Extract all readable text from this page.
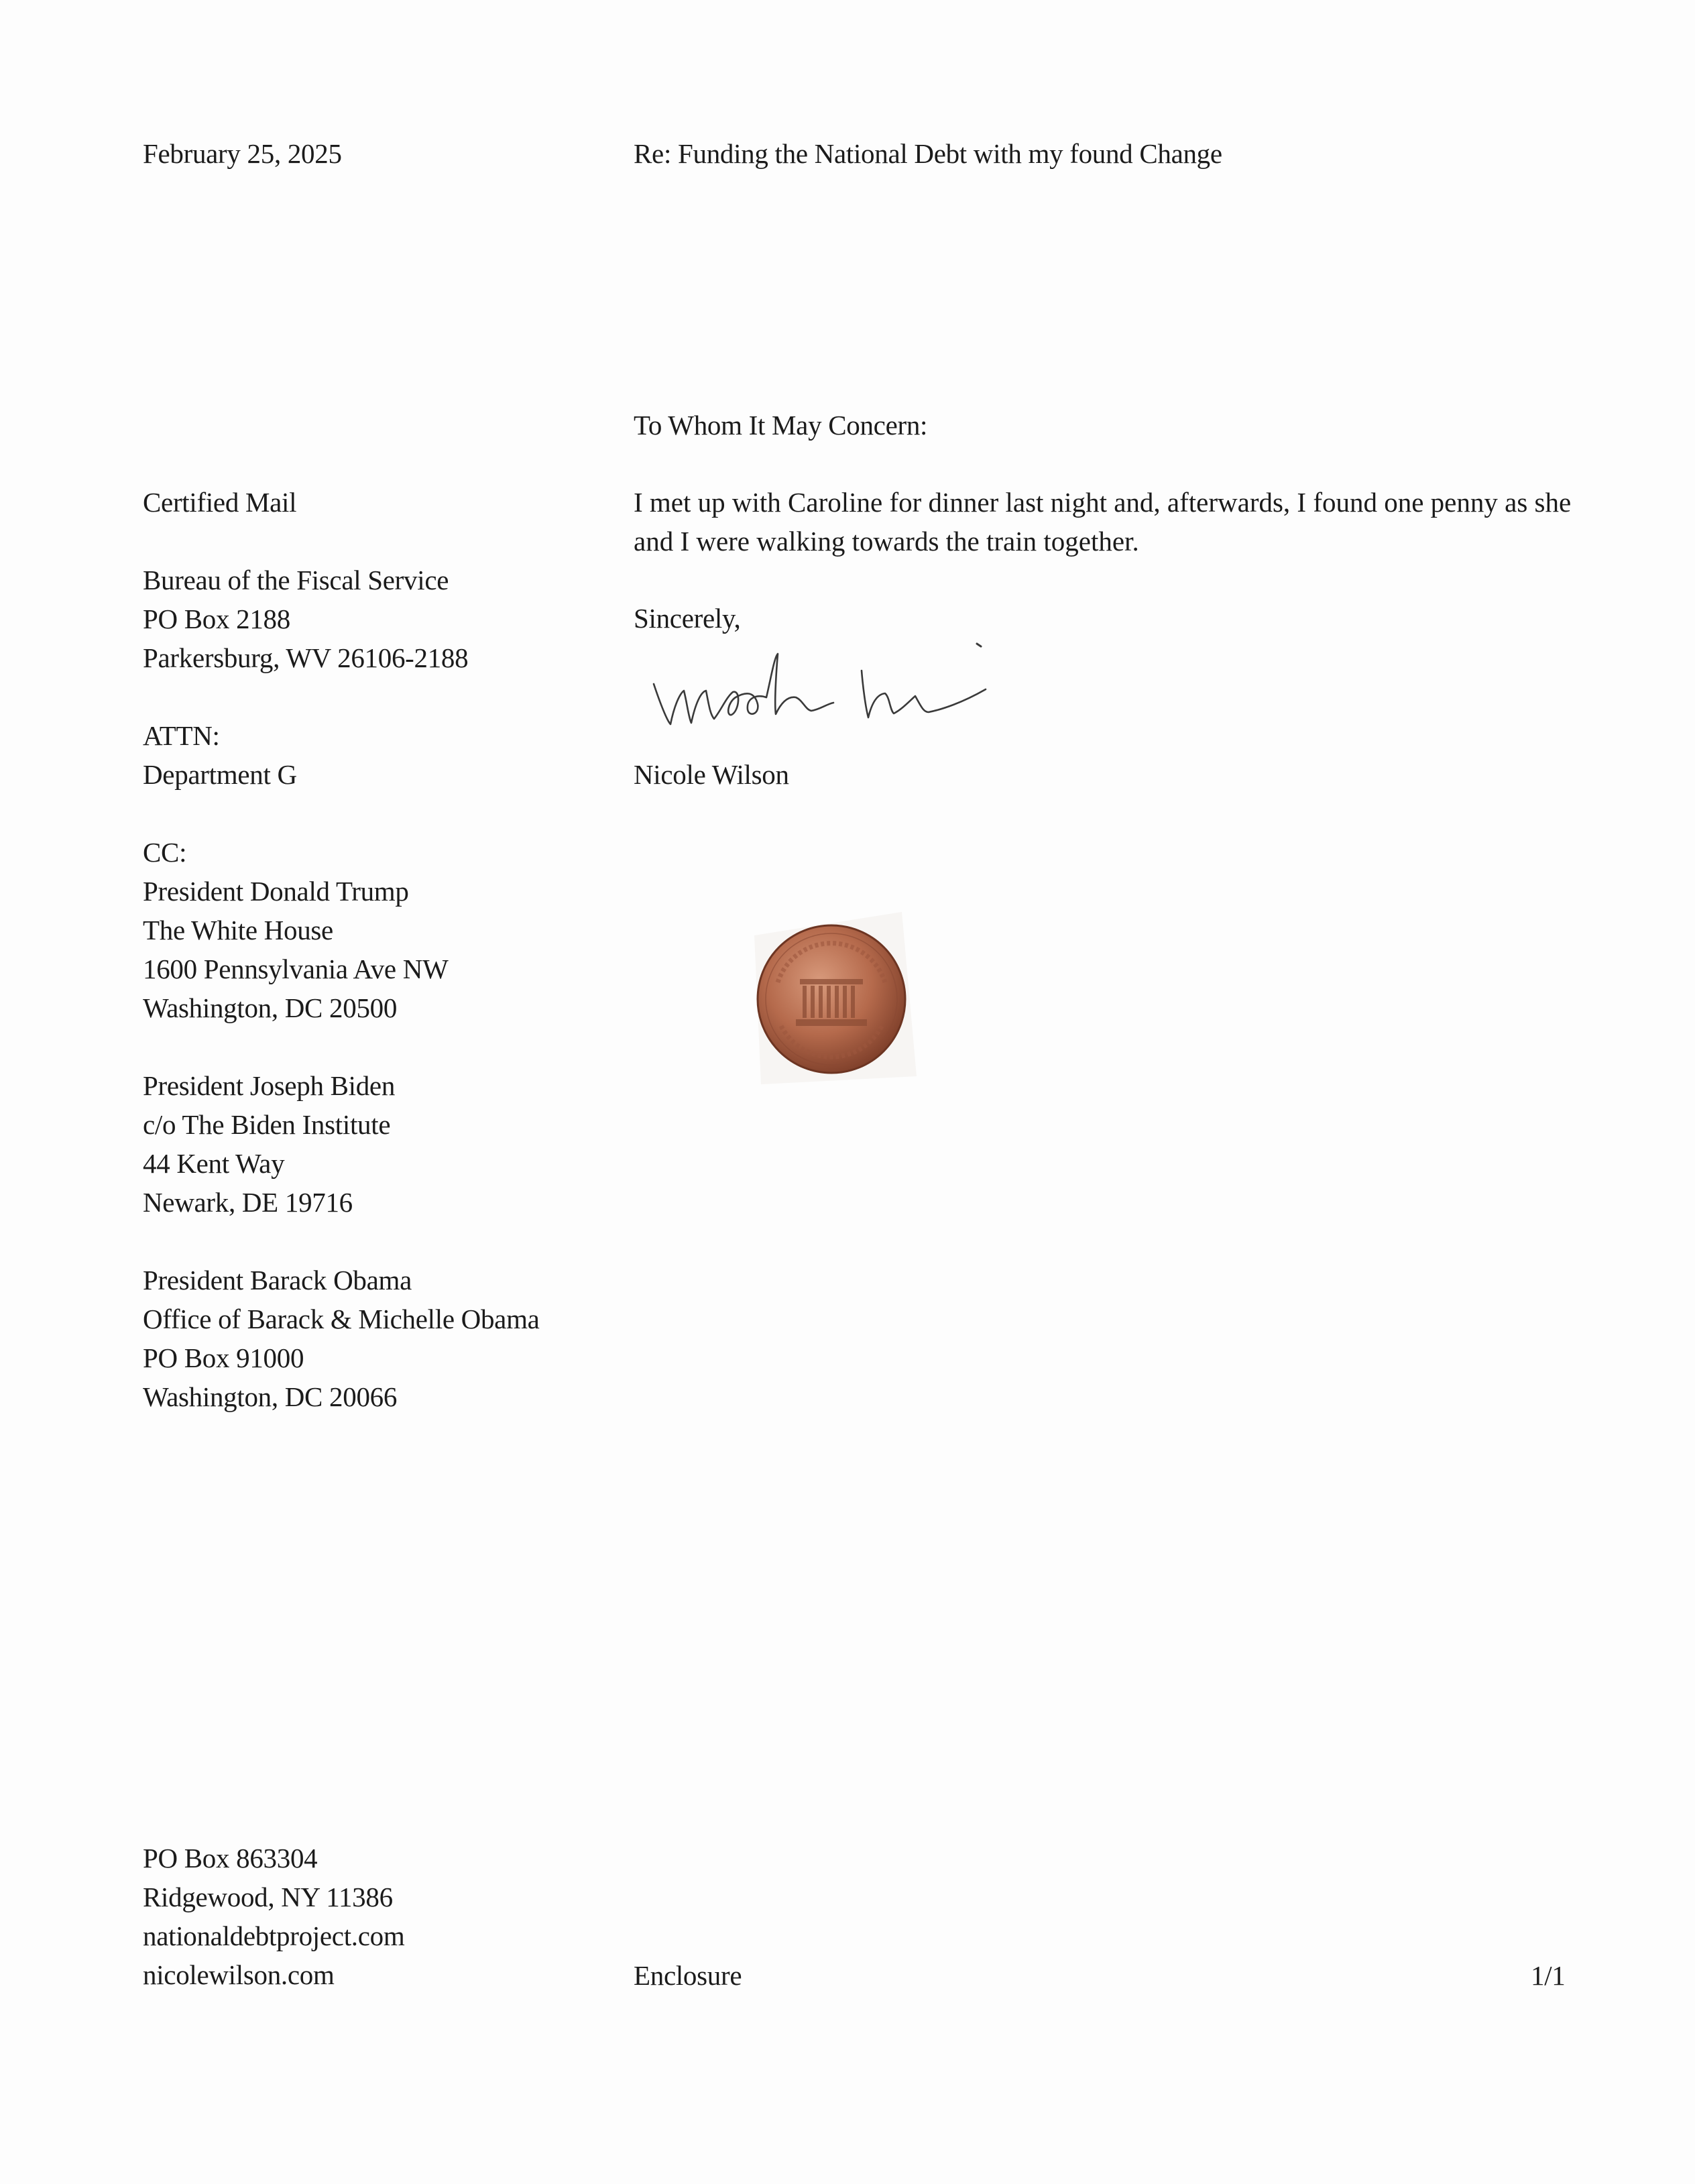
February 25, 2025	Re: Funding the National Debt with my found Change
To Whom It May Concern:
I met up with Caroline for dinner last night and, afterwards, I found one penny as she and I were walking towards the train together.
Sincerely,
Nicole Wilson
Certified Mail
Bureau of the Fiscal Service
PO Box 2188
Parkersburg, WV 26106-2188
ATTN:
Department G
CC:
President Donald Trump
The White House
1600 Pennsylvania Ave NW
Washington, DC 20500
President Joseph Biden
c/o The Biden Institute
44 Kent Way
Newark, DE 19716
President Barack Obama
Office of Barack & Michelle Obama
PO Box 91000
Washington, DC 20066
PO Box 863304
Ridgewood, NY 11386
nationaldebtproject.com
nicolewilson.com	Enclosure	1/1
